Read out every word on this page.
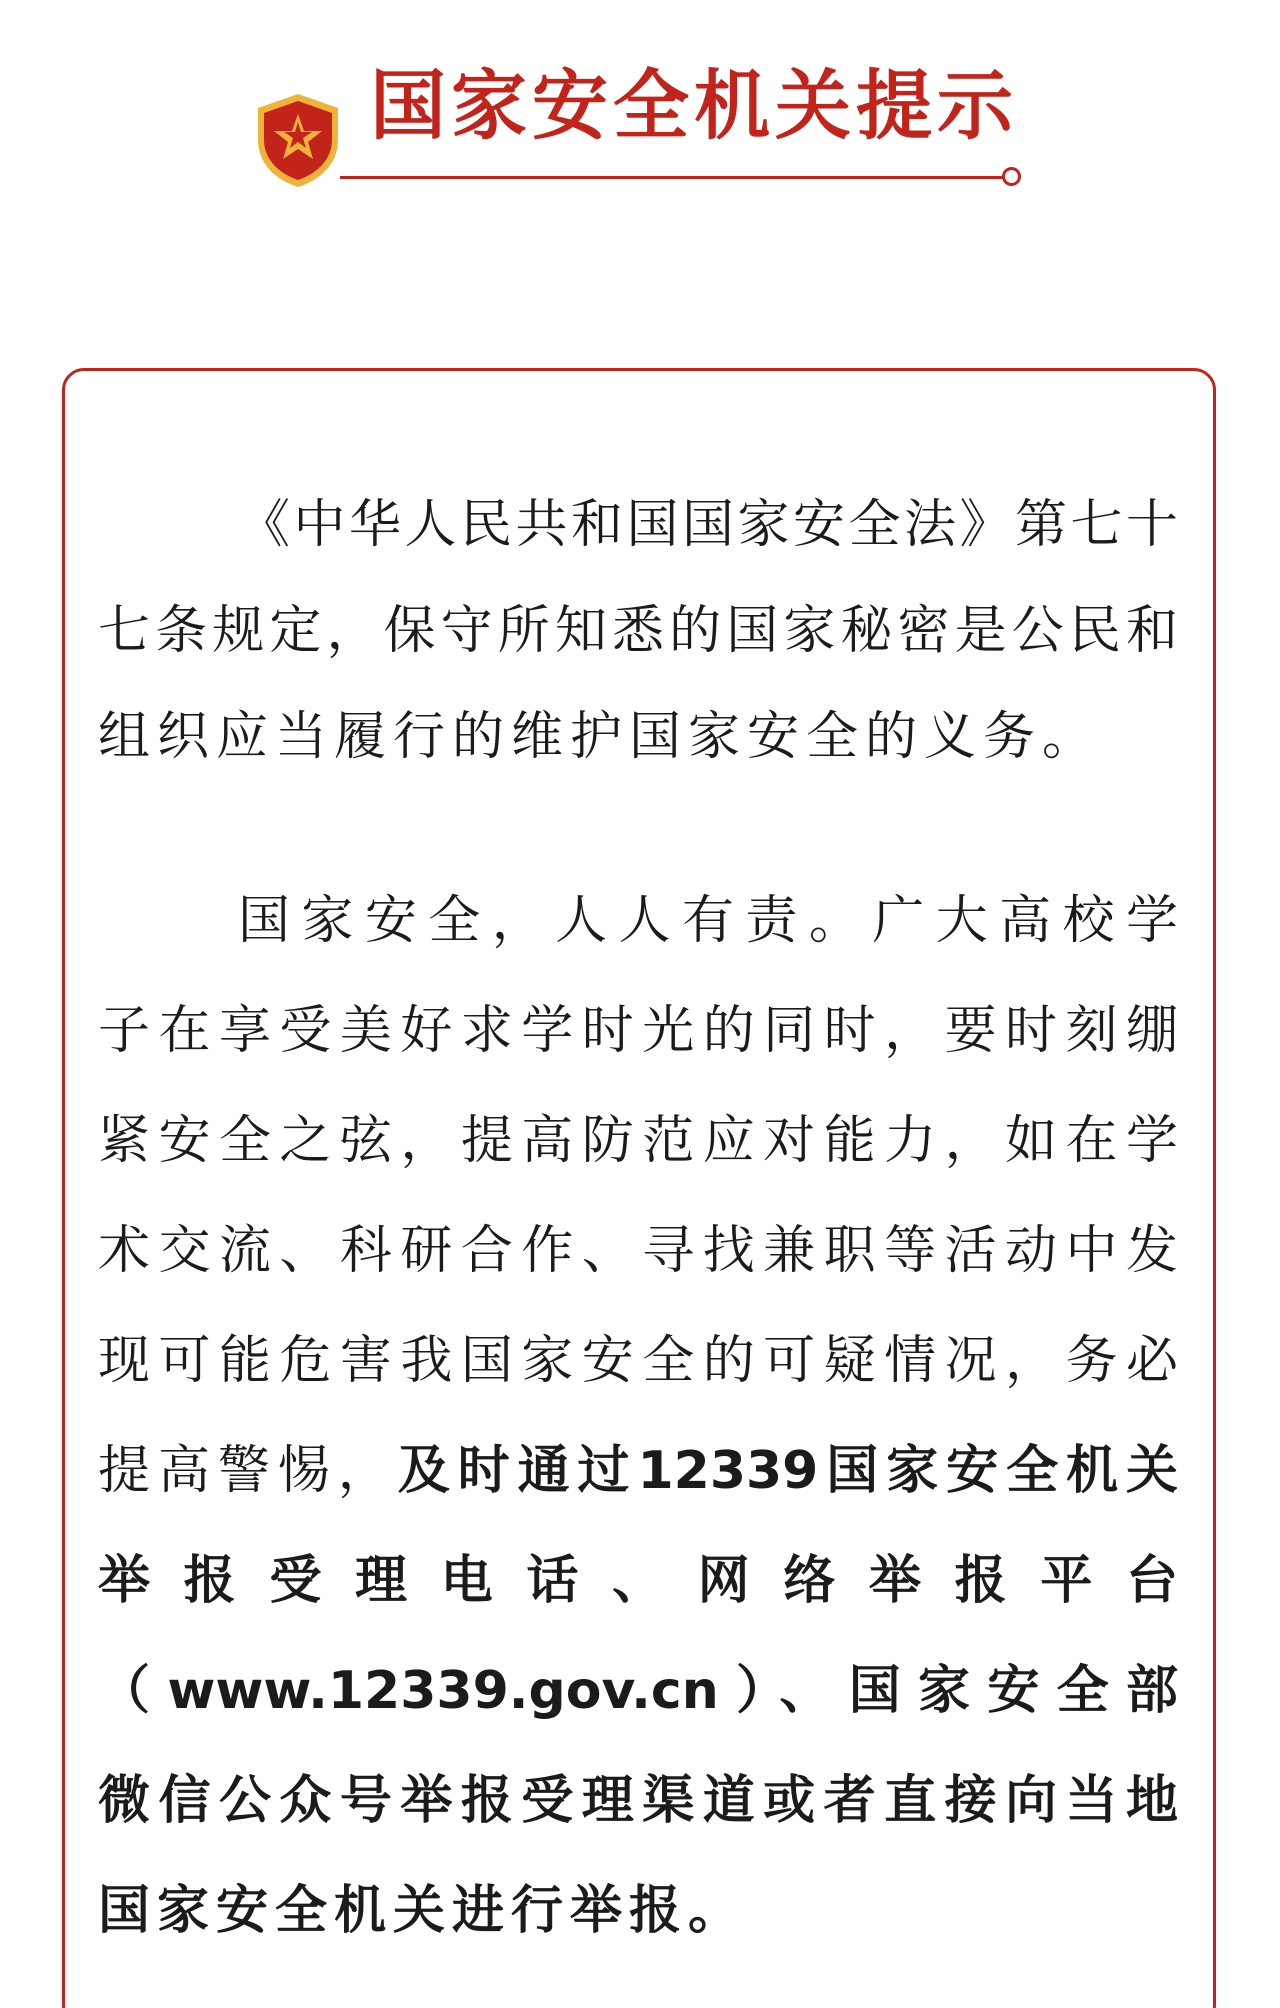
国家安全机关提示
《中华人民共和国国家安全法》第七十
七条规定，保守所知悉的国家秘密是公民和
组织应当履行的维护国家安全的义务。
国家安全，人人有责。广大高校学
子在享受美好求学时光的同时，要时刻绷
紧安全之弦，提高防范应对能力，如在学
术交流、科研合作、寻找兼职等活动中发
现可能危害我国家安全的可疑情况，务必
提高警惕，及时通过12339国家安全机关
举报受理电话、网络举报平台
（www.12339.gov.cn）、国家安全部
微信公众号举报受理渠道或者直接向当地
国家安全机关进行举报。
